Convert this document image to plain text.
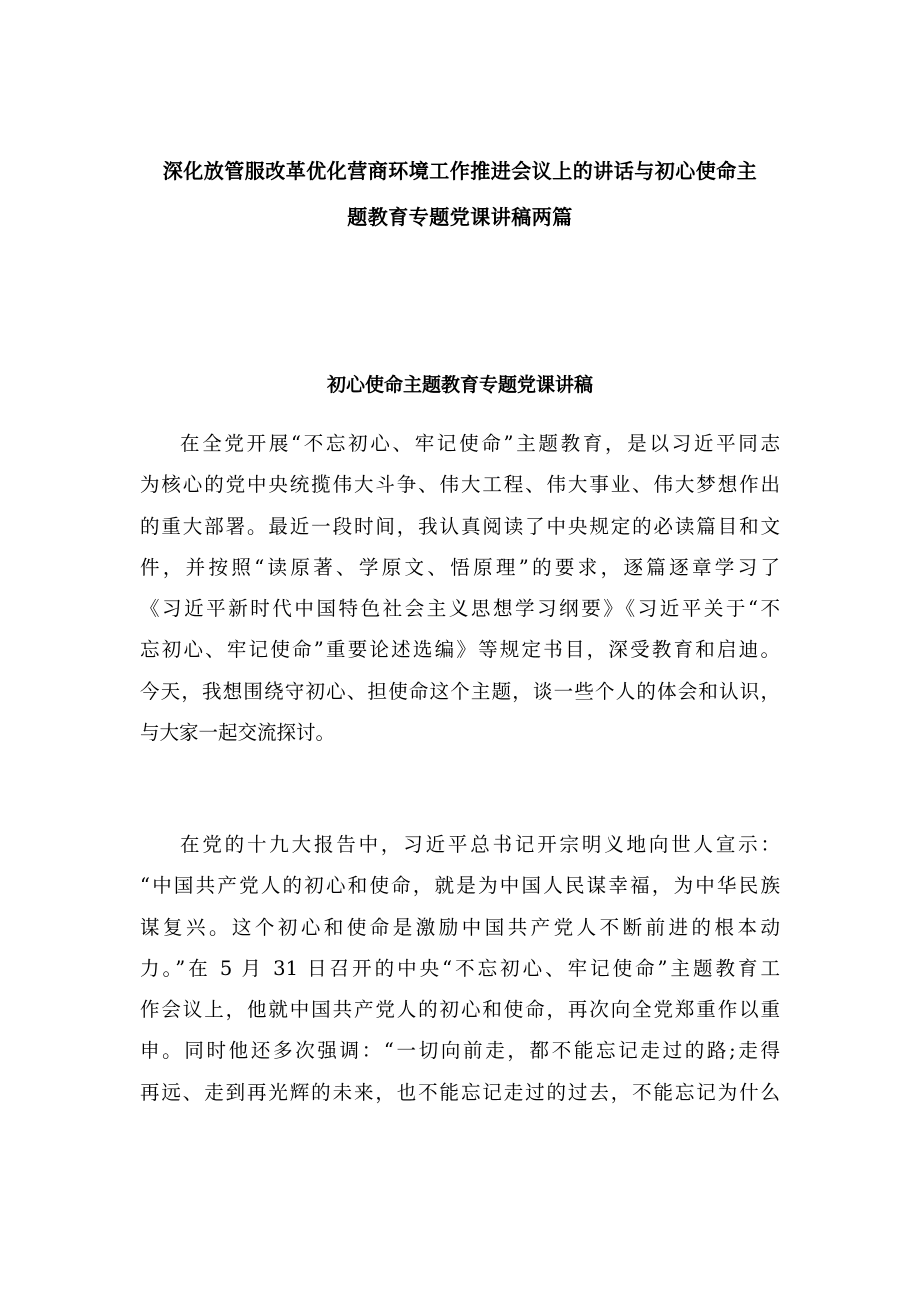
深化放管服改革优化营商环境工作推进会议上的讲话与初心使命主
题教育专题党课讲稿两篇
初心使命主题教育专题党课讲稿
在全党开展“不忘初心、牢记使命”主题教育，是以习近平同志
为核心的党中央统揽伟大斗争、伟大工程、伟大事业、伟大梦想作出
的重大部署。最近一段时间，我认真阅读了中央规定的必读篇目和文
件，并按照“读原著、学原文、悟原理”的要求，逐篇逐章学习了
《习近平新时代中国特色社会主义思想学习纲要》《习近平关于“不
忘初心、牢记使命”重要论述选编》等规定书目，深受教育和启迪。
今天，我想围绕守初心、担使命这个主题，谈一些个人的体会和认识，
与大家一起交流探讨。
在党的十九大报告中，习近平总书记开宗明义地向世人宣示：
“中国共产党人的初心和使命，就是为中国人民谋幸福，为中华民族
谋复兴。这个初心和使命是激励中国共产党人不断前进的根本动
力。”在 5 月 31 日召开的中央“不忘初心、牢记使命”主题教育工
作会议上，他就中国共产党人的初心和使命，再次向全党郑重作以重
申。同时他还多次强调：“一切向前走，都不能忘记走过的路;走得
再远、走到再光辉的未来，也不能忘记走过的过去，不能忘记为什么
